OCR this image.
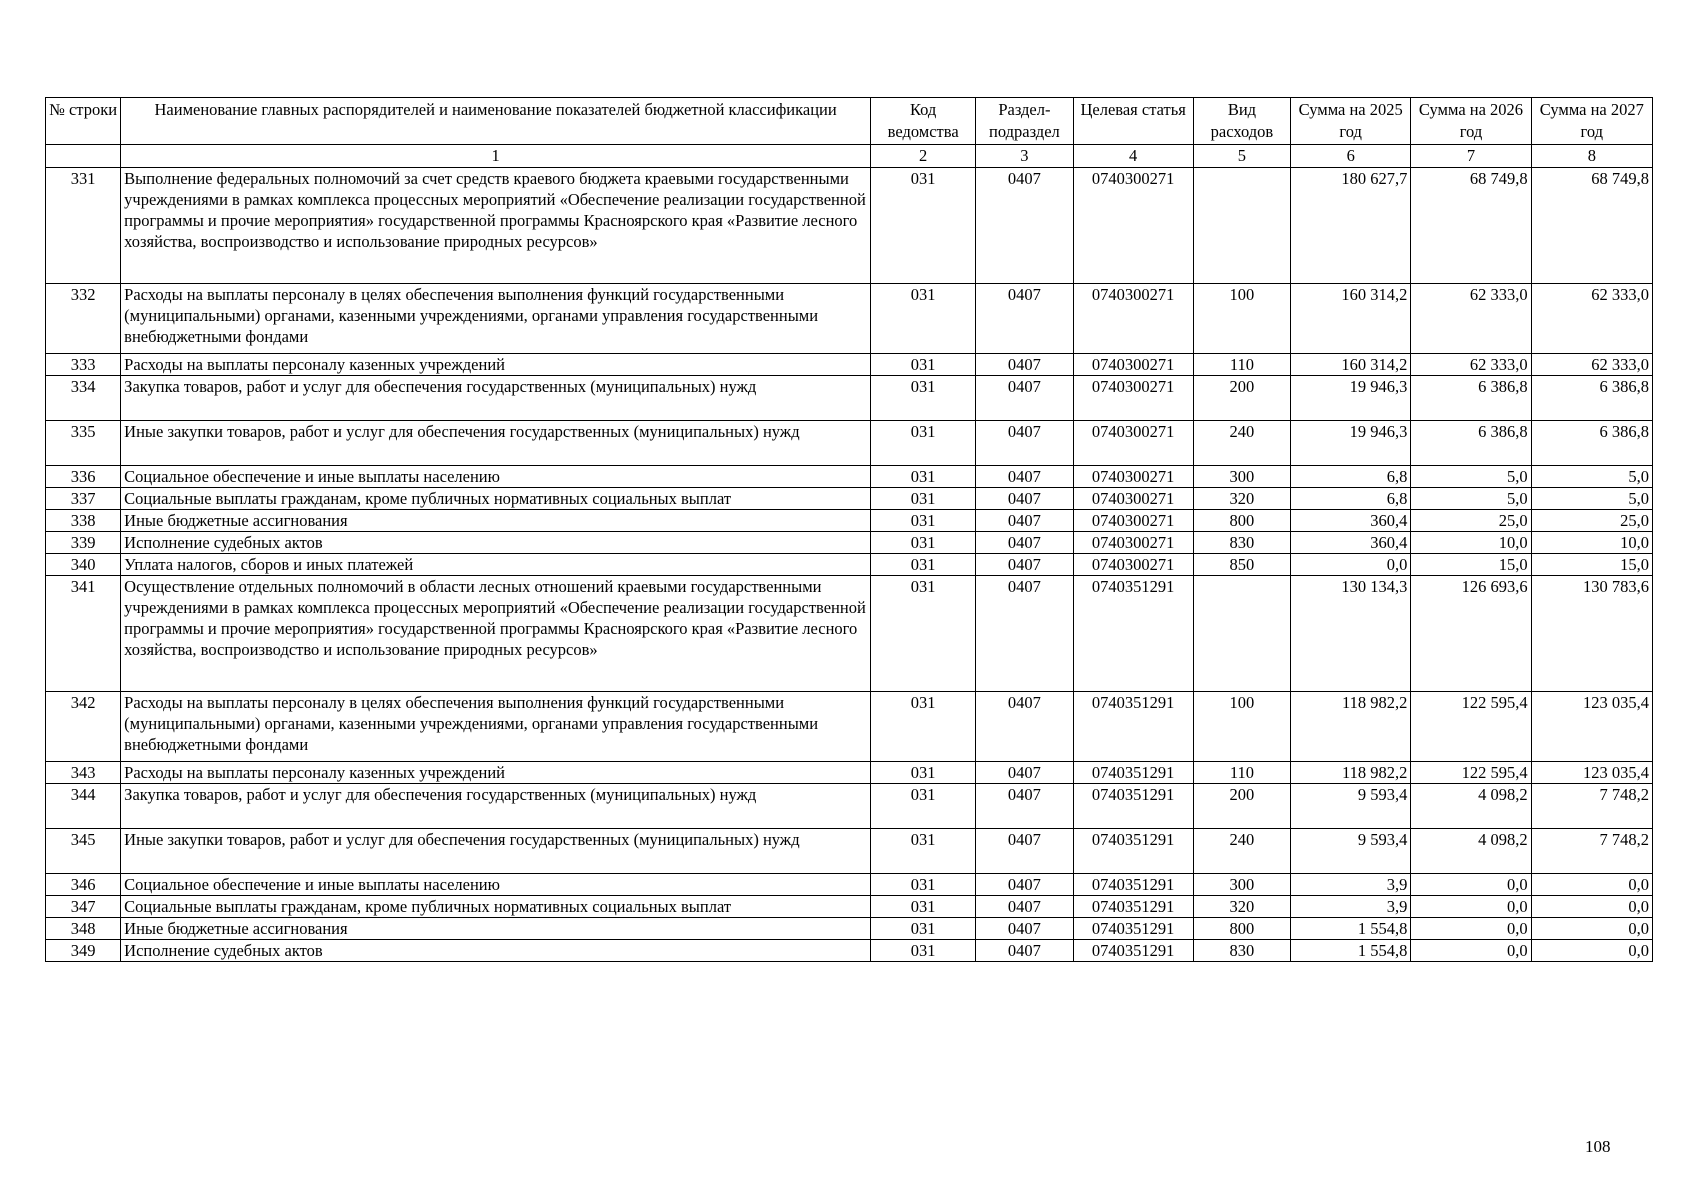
№ строки	Наименование главных распорядителей и наименование показателей бюджетной классификации	Код ведомства	Раздел-подраздел	Целевая статья	Вид расходов	Сумма на 2025 год	Сумма на 2026 год	Сумма на 2027 год
	1	2	3	4	5	6	7	8
331	Выполнение федеральных полномочий за счет средств краевого бюджета краевыми государственными учреждениями в рамках комплекса процессных мероприятий «Обеспечение реализации государственной программы и прочие мероприятия» государственной программы Красноярского края «Развитие лесного хозяйства, воспроизводство и использование природных ресурсов»	031	0407	0740300271		180 627,7	68 749,8	68 749,8
332	Расходы на выплаты персоналу в целях обеспечения выполнения функций государственными (муниципальными) органами, казенными учреждениями, органами управления государственными внебюджетными фондами	031	0407	0740300271	100	160 314,2	62 333,0	62 333,0
333	Расходы на выплаты персоналу казенных учреждений	031	0407	0740300271	110	160 314,2	62 333,0	62 333,0
334	Закупка товаров, работ и услуг для обеспечения государственных (муниципальных) нужд	031	0407	0740300271	200	19 946,3	6 386,8	6 386,8
335	Иные закупки товаров, работ и услуг для обеспечения государственных (муниципальных) нужд	031	0407	0740300271	240	19 946,3	6 386,8	6 386,8
336	Социальное обеспечение и иные выплаты населению	031	0407	0740300271	300	6,8	5,0	5,0
337	Социальные выплаты гражданам, кроме публичных нормативных социальных выплат	031	0407	0740300271	320	6,8	5,0	5,0
338	Иные бюджетные ассигнования	031	0407	0740300271	800	360,4	25,0	25,0
339	Исполнение судебных актов	031	0407	0740300271	830	360,4	10,0	10,0
340	Уплата налогов, сборов и иных платежей	031	0407	0740300271	850	0,0	15,0	15,0
341	Осуществление отдельных полномочий в области лесных отношений краевыми государственными учреждениями в рамках комплекса процессных мероприятий «Обеспечение реализации государственной программы и прочие мероприятия» государственной программы Красноярского края «Развитие лесного хозяйства, воспроизводство и использование природных ресурсов»	031	0407	0740351291		130 134,3	126 693,6	130 783,6
342	Расходы на выплаты персоналу в целях обеспечения выполнения функций государственными (муниципальными) органами, казенными учреждениями, органами управления государственными внебюджетными фондами	031	0407	0740351291	100	118 982,2	122 595,4	123 035,4
343	Расходы на выплаты персоналу казенных учреждений	031	0407	0740351291	110	118 982,2	122 595,4	123 035,4
344	Закупка товаров, работ и услуг для обеспечения государственных (муниципальных) нужд	031	0407	0740351291	200	9 593,4	4 098,2	7 748,2
345	Иные закупки товаров, работ и услуг для обеспечения государственных (муниципальных) нужд	031	0407	0740351291	240	9 593,4	4 098,2	7 748,2
346	Социальное обеспечение и иные выплаты населению	031	0407	0740351291	300	3,9	0,0	0,0
347	Социальные выплаты гражданам, кроме публичных нормативных социальных выплат	031	0407	0740351291	320	3,9	0,0	0,0
348	Иные бюджетные ассигнования	031	0407	0740351291	800	1 554,8	0,0	0,0
349	Исполнение судебных актов	031	0407	0740351291	830	1 554,8	0,0	0,0
108
